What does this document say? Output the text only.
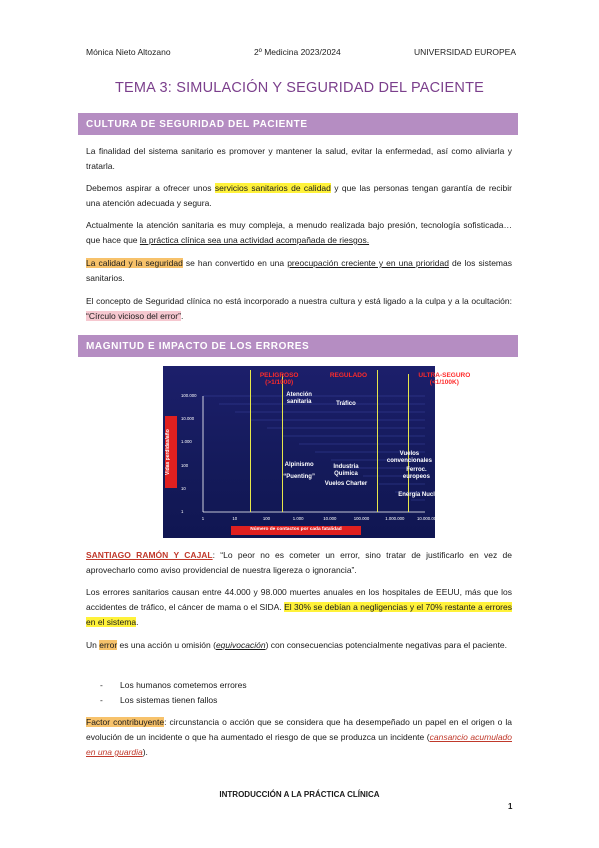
Mónica Nieto Altozano	2º Medicina 2023/2024	UNIVERSIDAD EUROPEA
TEMA 3: SIMULACIÓN Y SEGURIDAD DEL PACIENTE
CULTURA DE SEGURIDAD DEL PACIENTE

La finalidad del sistema sanitario es promover y mantener la salud, evitar la enfermedad, así como aliviarla y tratarla.

Debemos aspirar a ofrecer unos servicios sanitarios de calidad y que las personas tengan garantía de recibir una atención adecuada y segura.

Actualmente la atención sanitaria es muy compleja, a menudo realizada bajo presión, tecnología sofisticada… que hace que la práctica clínica sea una actividad acompañada de riesgos.

La calidad y la seguridad se han convertido en una preocupación creciente y en una prioridad de los sistemas sanitarios.

El concepto de Seguridad clínica no está incorporado a nuestra cultura y está ligado a la culpa y a la ocultación: “Círculo vicioso del error”.

MAGNITUD E IMPACTO DE LOS ERRORES
Vidas perdidas/año
Número de contactos por cada fatalidad
1	10	100	1.000	10.000	100.000	1.000.000	10.000.000
100.000
10.000
1.000
100
10
1
PELIGROSO
(>1/1000)
REGULADO	ULTRA-SEGURO
(<1/100K)
Atención sanitaria
Alpinismo
“Puenting”
Tráfico
Industria Química
Vuelos Charter
Vuelos convencionales
Ferroc. europeos
Energía Nuclear

SANTIAGO RAMÓN Y CAJAL: “Lo peor no es cometer un error, sino tratar de justificarlo en vez de aprovecharlo como aviso providencial de nuestra ligereza o ignorancia”.

Los errores sanitarios causan entre 44.000 y 98.000 muertes anuales en los hospitales de EEUU, más que los accidentes de tráfico, el cáncer de mama o el SIDA. El 30% se debían a negligencias y el 70% restante a errores en el sistema.

Un error es una acción u omisión (equivocación) con consecuencias potencialmente negativas para el paciente.

- Los humanos cometemos errores
- Los sistemas tienen fallos

Factor contribuyente: circunstancia o acción que se considera que ha desempeñado un papel en el origen o la evolución de un incidente o que ha aumentado el riesgo de que se produzca un incidente (cansancio acumulado en una guardia).

INTRODUCCIÓN A LA PRÁCTICA CLÍNICA
1
